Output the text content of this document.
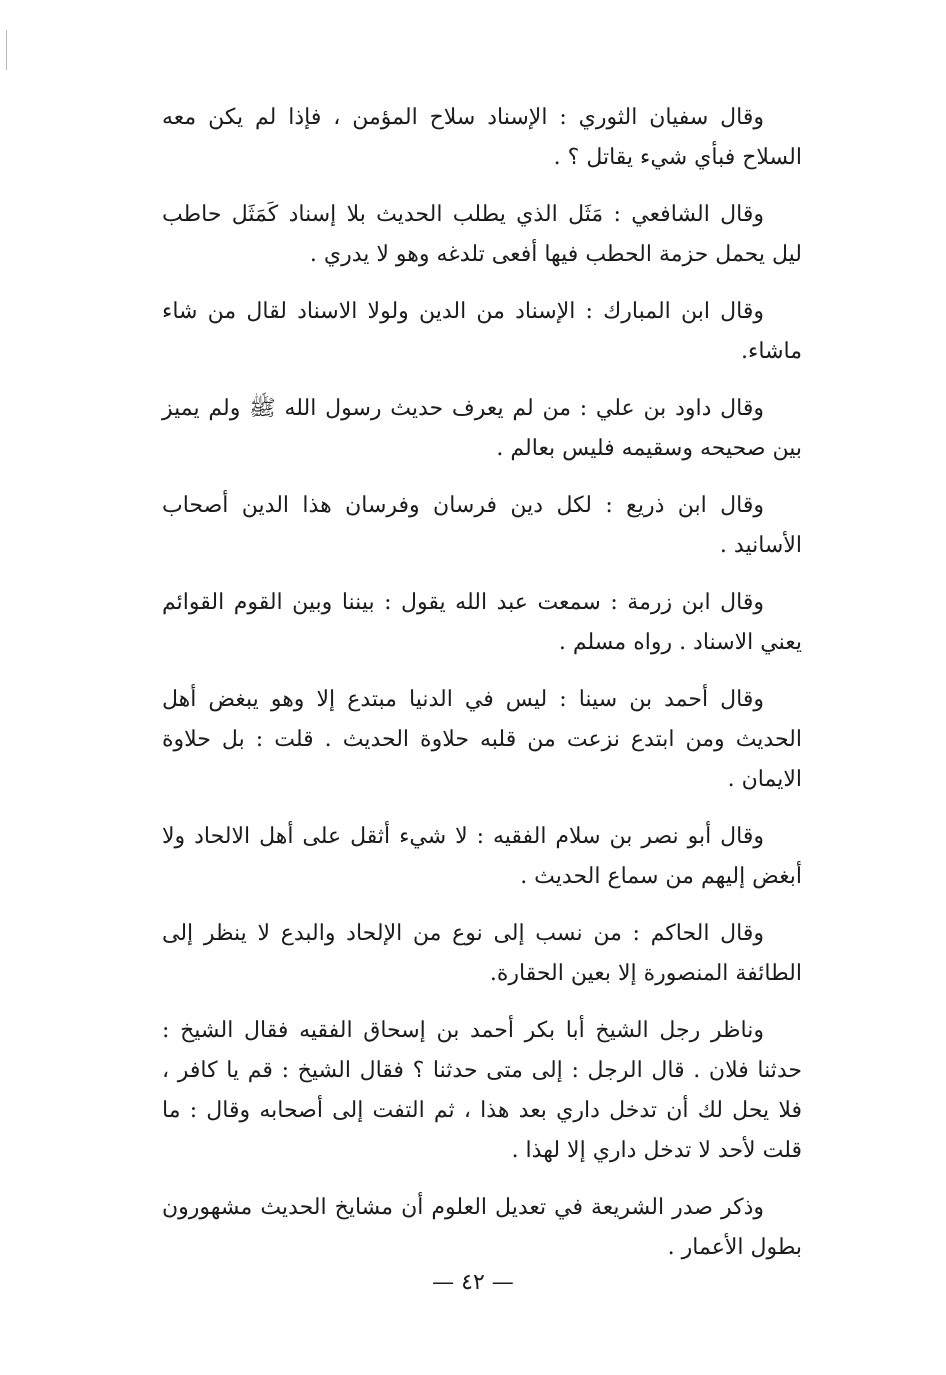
وقال سفيان الثوري : الإسناد سلاح المؤمن ، فإذا لم يكن معه السلاح فبأي شيء يقاتل ؟ .

وقال الشافعي : مَثَل الذي يطلب الحديث بلا إسناد كَمَثَل حاطب ليل يحمل حزمة الحطب فيها أفعى تلدغه وهو لا يدري .

وقال ابن المبارك : الإسناد من الدين ولولا الاسناد لقال من شاء ماشاء.

وقال داود بن علي : من لم يعرف حديث رسول الله ﷺ ولم يميز بين صحيحه وسقيمه فليس بعالم .

وقال ابن ذريع : لكل دين فرسان وفرسان هذا الدين أصحاب الأسانيد .

وقال ابن زرمة : سمعت عبد الله يقول : بيننا وبين القوم القوائم يعني الاسناد . رواه مسلم .

وقال أحمد بن سينا : ليس في الدنيا مبتدع إلا وهو يبغض أهل الحديث ومن ابتدع نزعت من قلبه حلاوة الحديث . قلت : بل حلاوة الايمان .

وقال أبو نصر بن سلام الفقيه : لا شيء أثقل على أهل الالحاد ولا أبغض إليهم من سماع الحديث .

وقال الحاكم : من نسب إلى نوع من الإلحاد والبدع لا ينظر إلى الطائفة المنصورة إلا بعين الحقارة.

وناظر رجل الشيخ أبا بكر أحمد بن إسحاق الفقيه فقال الشيخ : حدثنا فلان . قال الرجل : إلى متى حدثنا ؟ فقال الشيخ : قم يا كافر ، فلا يحل لك أن تدخل داري بعد هذا ، ثم التفت إلى أصحابه وقال : ما قلت لأحد لا تدخل داري إلا لهذا .

وذكر صدر الشريعة في تعديل العلوم أن مشايخ الحديث مشهورون بطول الأعمار .

— ٤٢ —
